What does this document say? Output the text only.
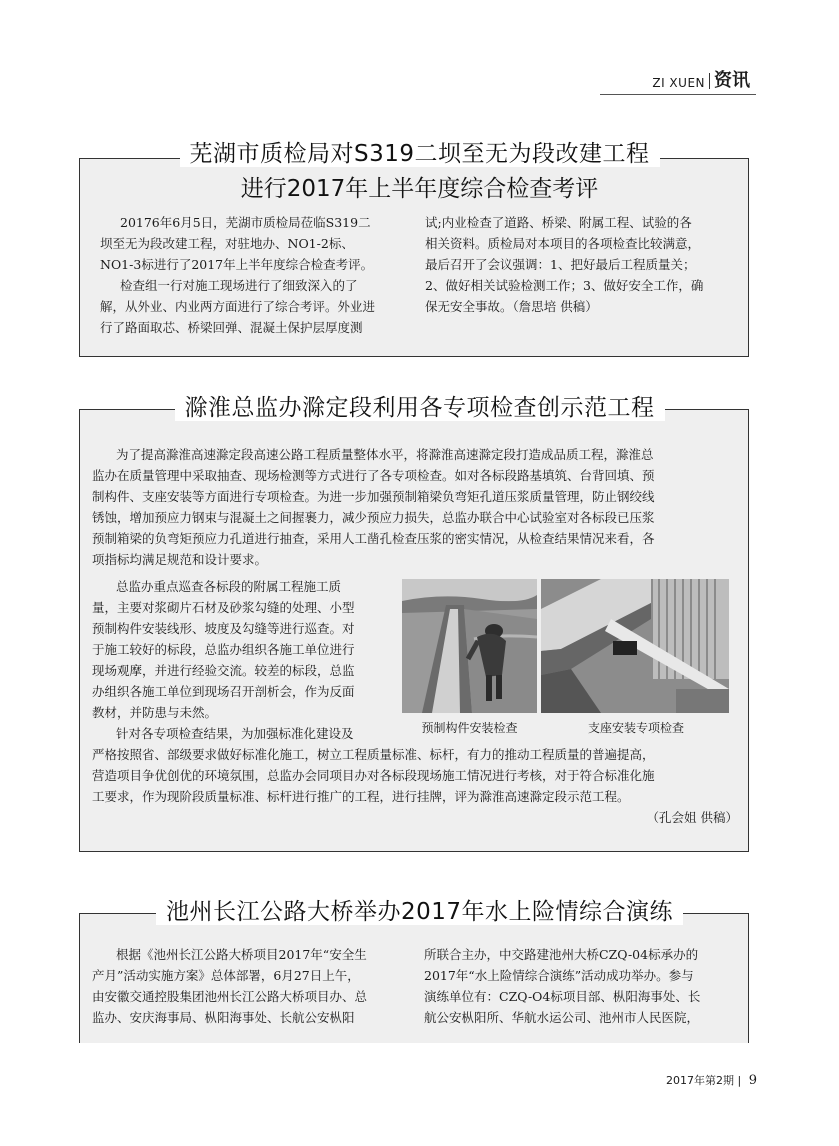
ZI XUEN 资讯
芜湖市质检局对S319二坝至无为段改建工程
进行2017年上半年度综合检查考评

20176年6月5日，芜湖市质检局莅临S319二

坝至无为段改建工程，对驻地办、NO1-2标、

NO1-3标进行了2017年上半年度综合检查考评。

检查组一行对施工现场进行了细致深入的了

解，从外业、内业两方面进行了综合考评。外业进

行了路面取芯、桥梁回弹、混凝土保护层厚度测

试;内业检查了道路、桥梁、附属工程、试验的各

相关资料。质检局对本项目的各项检查比较满意，

最后召开了会议强调：1、把好最后工程质量关；

2、做好相关试验检测工作；3、做好安全工作，确

保无安全事故。（詹思培 供稿）

滁淮总监办滁定段利用各专项检查创示范工程

为了提高滁淮高速滁定段高速公路工程质量整体水平，将滁淮高速滁定段打造成品质工程，滁淮总

监办在质量管理中采取抽查、现场检测等方式进行了各专项检查。如对各标段路基填筑、台背回填、预

制构件、支座安装等方面进行专项检查。为进一步加强预制箱梁负弯矩孔道压浆质量管理，防止钢绞线

锈蚀，增加预应力钢束与混凝土之间握裹力，减少预应力损失，总监办联合中心试验室对各标段已压浆

预制箱梁的负弯矩预应力孔道进行抽查，采用人工凿孔检查压浆的密实情况，从检查结果情况来看，各

项指标均满足规范和设计要求。

总监办重点巡查各标段的附属工程施工质

量，主要对浆砌片石材及砂浆勾缝的处理、小型

预制构件安装线形、坡度及勾缝等进行巡查。对

于施工较好的标段，总监办组织各施工单位进行

现场观摩，并进行经验交流。较差的标段，总监

办组织各施工单位到现场召开剖析会，作为反面

教材，并防患与未然。

针对各专项检查结果，为加强标准化建设及	预制构件安装检查	支座安装专项检查

严格按照省、部级要求做好标准化施工，树立工程质量标准、标杆，有力的推动工程质量的普遍提高，

营造项目争优创优的环境氛围，总监办会同项目办对各标段现场施工情况进行考核，对于符合标准化施

工要求，作为现阶段质量标准、标杆进行推广的工程，进行挂牌，评为滁淮高速滁定段示范工程。

（孔会姐 供稿）

池州长江公路大桥举办2017年水上险情综合演练

根据《池州长江公路大桥项目2017年“安全生

产月”活动实施方案》总体部署，6月27日上午，

由安徽交通控股集团池州长江公路大桥项目办、总

监办、安庆海事局、枞阳海事处、长航公安枞阳

所联合主办，中交路建池州大桥CZQ-04标承办的

2017年“水上险情综合演练”活动成功举办。参与

演练单位有：CZQ-O4标项目部、枞阳海事处、长

航公安枞阳所、华航水运公司、池州市人民医院，

2017年第2期 | 9
